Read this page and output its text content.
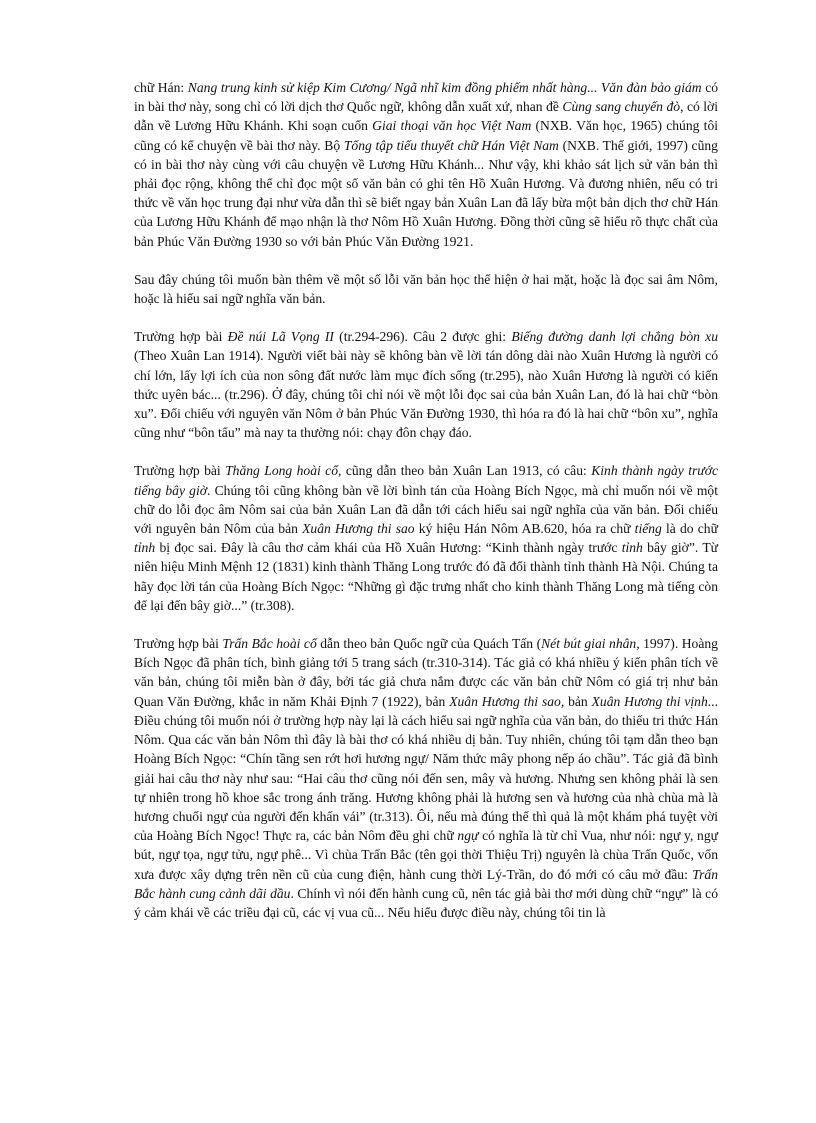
chữ Hán: Nang trung kinh sử kiệp Kim Cương/ Ngã nhĩ kim đồng phiếm nhất hàng... Văn đàn bảo giám có in bài thơ này, song chỉ có lời dịch thơ Quốc ngữ, không dẫn xuất xứ, nhan đề Cùng sang chuyến đò, có lời dẫn về Lương Hữu Khánh. Khi soạn cuốn Giai thoại văn học Việt Nam (NXB. Văn học, 1965) chúng tôi cũng có kể chuyện về bài thơ này. Bộ Tổng tập tiểu thuyết chữ Hán Việt Nam (NXB. Thế giới, 1997) cũng có in bài thơ này cùng với câu chuyện về Lương Hữu Khánh... Như vậy, khi khảo sát lịch sử văn bản thì phải đọc rộng, không thể chỉ đọc một số văn bản có ghi tên Hồ Xuân Hương. Và đương nhiên, nếu có tri thức về văn học trung đại như vừa dẫn thì sẽ biết ngay bản Xuân Lan đã lấy bừa một bản dịch thơ chữ Hán của Lương Hữu Khánh để mạo nhận là thơ Nôm Hồ Xuân Hương. Đồng thời cũng sẽ hiểu rõ thực chất của bản Phúc Văn Đường 1930 so với bản Phúc Văn Đường 1921.

Sau đây chúng tôi muốn bàn thêm về một số lỗi văn bản học thể hiện ở hai mặt, hoặc là đọc sai âm Nôm, hoặc là hiểu sai ngữ nghĩa văn bản.

Trường hợp bài Đề núi Lã Vọng II (tr.294-296). Câu 2 được ghi: Biếng đường danh lợi chẳng bòn xu (Theo Xuân Lan 1914). Người viết bài này sẽ không bàn về lời tán dông dài nào Xuân Hương là người có chí lớn, lấy lợi ích của non sông đất nước làm mục đích sống (tr.295), nào Xuân Hương là người có kiến thức uyên bác... (tr.296). Ở đây, chúng tôi chỉ nói về một lỗi đọc sai của bản Xuân Lan, đó là hai chữ “bòn xu”. Đối chiếu với nguyên văn Nôm ở bản Phúc Văn Đường 1930, thì hóa ra đó là hai chữ “bôn xu”, nghĩa cũng như “bôn tẩu” mà nay ta thường nói: chạy đôn chạy đáo.

Trường hợp bài Thăng Long hoài cổ, cũng dẫn theo bản Xuân Lan 1913, có câu: Kinh thành ngày trước tiếng bây giờ. Chúng tôi cũng không bàn về lời bình tán của Hoàng Bích Ngọc, mà chỉ muốn nói về một chữ do lỗi đọc âm Nôm sai của bản Xuân Lan đã dẫn tới cách hiểu sai ngữ nghĩa của văn bản. Đối chiếu với nguyên bản Nôm của bản Xuân Hương thi sao ký hiệu Hán Nôm AB.620, hóa ra chữ tiếng là do chữ tỉnh bị đọc sai. Đây là câu thơ cảm khái của Hồ Xuân Hương: “Kinh thành ngày trước tỉnh bây giờ”. Từ niên hiệu Minh Mệnh 12 (1831) kinh thành Thăng Long trước đó đã đổi thành tỉnh thành Hà Nội. Chúng ta hãy đọc lời tán của Hoàng Bích Ngọc: “Những gì đặc trưng nhất cho kinh thành Thăng Long mà tiếng còn để lại đến bây giờ...” (tr.308).

Trường hợp bài Trấn Bắc hoài cổ dẫn theo bản Quốc ngữ của Quách Tấn (Nét bút giai nhân, 1997). Hoàng Bích Ngọc đã phân tích, bình giảng tới 5 trang sách (tr.310-314). Tác giả có khá nhiều ý kiến phân tích về văn bản, chúng tôi miễn bàn ở đây, bởi tác giả chưa nắm được các văn bản chữ Nôm có giá trị như bản Quan Văn Đường, khắc in năm Khải Định 7 (1922), bản Xuân Hương thi sao, bản Xuân Hương thi vịnh... Điều chúng tôi muốn nói ở trường hợp này lại là cách hiểu sai ngữ nghĩa của văn bản, do thiếu tri thức Hán Nôm. Qua các văn bản Nôm thì đây là bài thơ có khá nhiều dị bản. Tuy nhiên, chúng tôi tạm dẫn theo bạn Hoàng Bích Ngọc: “Chín tầng sen rớt hơi hương ngự/ Năm thức mây phong nếp áo chầu”. Tác giả đã bình giải hai câu thơ này như sau: “Hai câu thơ cũng nói đến sen, mây và hương. Nhưng sen không phải là sen tự nhiên trong hồ khoe sắc trong ánh trăng. Hương không phải là hương sen và hương của nhà chùa mà là hương chuối ngự của người đến khấn vái” (tr.313). Ôi, nếu mà đúng thế thì quả là một khám phá tuyệt vời của Hoàng Bích Ngọc! Thực ra, các bản Nôm đều ghi chữ ngự có nghĩa là từ chỉ Vua, như nói: ngự y, ngự bút, ngự tọa, ngự tửu, ngự phê... Vì chùa Trấn Bắc (tên gọi thời Thiệu Trị) nguyên là chùa Trấn Quốc, vốn xưa được xây dựng trên nền cũ của cung điện, hành cung thời Lý-Trần, do đó mới có câu mở đầu: Trấn Bắc hành cung cảnh dãi dầu. Chính vì nói đến hành cung cũ, nên tác giả bài thơ mới dùng chữ “ngự” là có ý cảm khái về các triều đại cũ, các vị vua cũ... Nếu hiểu được điều này, chúng tôi tin là
